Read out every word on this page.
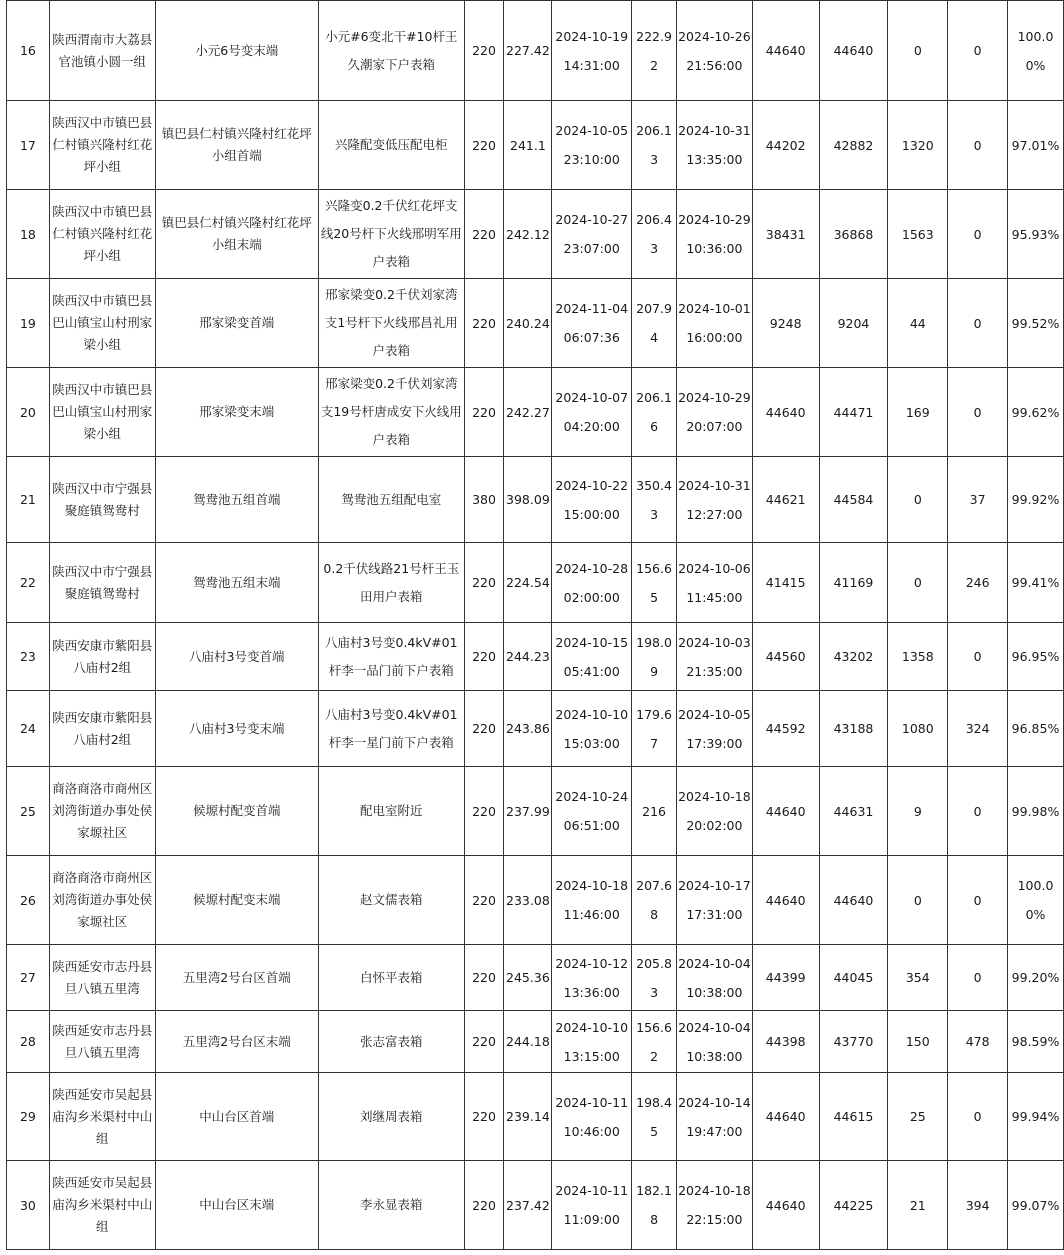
16	陕西渭南市大荔县官池镇小圆一组	小元6号变末端	小元#6变北干#10杆王久潮家下户表箱	220	227.42	2024-10-19 14:31:00	222.92	2024-10-26 21:56:00	44640	44640	0	0	100.00%
17	陕西汉中市镇巴县仁村镇兴隆村红花坪小组	镇巴县仁村镇兴隆村红花坪小组首端	兴隆配变低压配电柜	220	241.1	2024-10-05 23:10:00	206.13	2024-10-31 13:35:00	44202	42882	1320	0	97.01%
18	陕西汉中市镇巴县仁村镇兴隆村红花坪小组	镇巴县仁村镇兴隆村红花坪小组末端	兴隆变0.2千伏红花坪支线20号杆下火线邢明军用户表箱	220	242.12	2024-10-27 23:07:00	206.43	2024-10-29 10:36:00	38431	36868	1563	0	95.93%
19	陕西汉中市镇巴县巴山镇宝山村刑家梁小组	邢家梁变首端	邢家梁变0.2千伏刘家湾支1号杆下火线邢昌礼用户表箱	220	240.24	2024-11-04 06:07:36	207.94	2024-10-01 16:00:00	9248	9204	44	0	99.52%
20	陕西汉中市镇巴县巴山镇宝山村刑家梁小组	邢家梁变末端	邢家梁变0.2千伏刘家湾支19号杆唐成安下火线用户表箱	220	242.27	2024-10-07 04:20:00	206.16	2024-10-29 20:07:00	44640	44471	169	0	99.62%
21	陕西汉中市宁强县聚庭镇鸳鸯村	鸳鸯池五组首端	鸳鸯池五组配电室	380	398.09	2024-10-22 15:00:00	350.43	2024-10-31 12:27:00	44621	44584	0	37	99.92%
22	陕西汉中市宁强县聚庭镇鸳鸯村	鸳鸯池五组末端	0.2千伏线路21号杆王玉田用户表箱	220	224.54	2024-10-28 02:00:00	156.65	2024-10-06 11:45:00	41415	41169	0	246	99.41%
23	陕西安康市紫阳县八庙村2组	八庙村3号变首端	八庙村3号变0.4kV#01杆李一品门前下户表箱	220	244.23	2024-10-15 05:41:00	198.09	2024-10-03 21:35:00	44560	43202	1358	0	96.95%
24	陕西安康市紫阳县八庙村2组	八庙村3号变末端	八庙村3号变0.4kV#01杆李一星门前下户表箱	220	243.86	2024-10-10 15:03:00	179.67	2024-10-05 17:39:00	44592	43188	1080	324	96.85%
25	商洛商洛市商州区刘湾街道办事处侯家塬社区	候塬村配变首端	配电室附近	220	237.99	2024-10-24 06:51:00	216	2024-10-18 20:02:00	44640	44631	9	0	99.98%
26	商洛商洛市商州区刘湾街道办事处侯家塬社区	候塬村配变末端	赵文儒表箱	220	233.08	2024-10-18 11:46:00	207.68	2024-10-17 17:31:00	44640	44640	0	0	100.00%
27	陕西延安市志丹县旦八镇五里湾	五里湾2号台区首端	白怀平表箱	220	245.36	2024-10-12 13:36:00	205.83	2024-10-04 10:38:00	44399	44045	354	0	99.20%
28	陕西延安市志丹县旦八镇五里湾	五里湾2号台区末端	张志富表箱	220	244.18	2024-10-10 13:15:00	156.62	2024-10-04 10:38:00	44398	43770	150	478	98.59%
29	陕西延安市吴起县庙沟乡米渠村中山组	中山台区首端	刘继周表箱	220	239.14	2024-10-11 10:46:00	198.45	2024-10-14 19:47:00	44640	44615	25	0	99.94%
30	陕西延安市吴起县庙沟乡米渠村中山组	中山台区末端	李永显表箱	220	237.42	2024-10-11 11:09:00	182.18	2024-10-18 22:15:00	44640	44225	21	394	99.07%
